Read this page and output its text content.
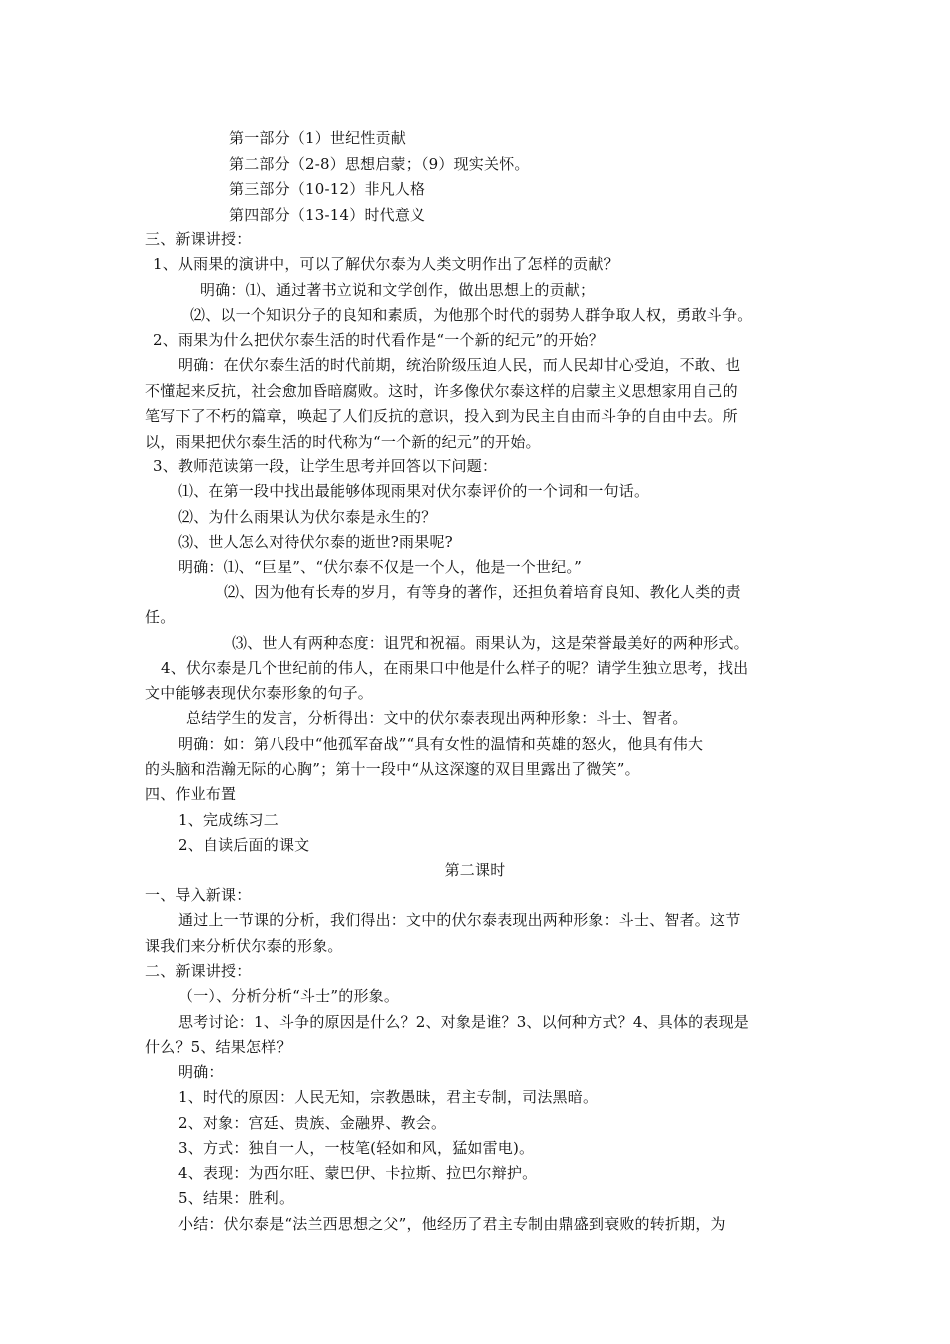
第一部分（1）世纪性贡献
第二部分（2-8）思想启蒙；（9）现实关怀。
第三部分（10-12）非凡人格
第四部分（13-14）时代意义
三、新课讲授：
1、从雨果的演讲中，可以了解伏尔泰为人类文明作出了怎样的贡献？
明确：⑴、通过著书立说和文学创作，做出思想上的贡献；
⑵、以一个知识分子的良知和素质，为他那个时代的弱势人群争取人权，勇敢斗争。
2、雨果为什么把伏尔泰生活的时代看作是“一个新的纪元”的开始？
明确：在伏尔泰生活的时代前期，统治阶级压迫人民，而人民却甘心受迫，不敢、也
不懂起来反抗，社会愈加昏暗腐败。这时，许多像伏尔泰这样的启蒙主义思想家用自己的
笔写下了不朽的篇章，唤起了人们反抗的意识，投入到为民主自由而斗争的自由中去。所
以，雨果把伏尔泰生活的时代称为“一个新的纪元”的开始。
3、教师范读第一段，让学生思考并回答以下问题：
⑴、在第一段中找出最能够体现雨果对伏尔泰评价的一个词和一句话。
⑵、为什么雨果认为伏尔泰是永生的？
⑶、世人怎么对待伏尔泰的逝世?雨果呢?
明确：⑴、“巨星”、“伏尔泰不仅是一个人，他是一个世纪。”
⑵、因为他有长寿的岁月，有等身的著作，还担负着培育良知、教化人类的责
任。
⑶、世人有两种态度：诅咒和祝福。雨果认为，这是荣誉最美好的两种形式。
4、伏尔泰是几个世纪前的伟人，在雨果口中他是什么样子的呢？请学生独立思考，找出
文中能够表现伏尔泰形象的句子。
总结学生的发言，分析得出：文中的伏尔泰表现出两种形象：斗士、智者。
明确：如：第八段中“他孤军奋战”“具有女性的温情和英雄的怒火，他具有伟大
的头脑和浩瀚无际的心胸”；第十一段中“从这深邃的双目里露出了微笑”。
四、作业布置
1、完成练习二
2、自读后面的课文
第二课时
一、导入新课：
通过上一节课的分析，我们得出：文中的伏尔泰表现出两种形象：斗士、智者。这节
课我们来分析伏尔泰的形象。
二、新课讲授：
（一）、分析分析“斗士”的形象。
思考讨论：1、斗争的原因是什么？2、对象是谁？3、以何种方式？4、具体的表现是
什么？5、结果怎样？
明确：
1、时代的原因：人民无知，宗教愚昧，君主专制，司法黑暗。
2、对象：宫廷、贵族、金融界、教会。
3、方式：独自一人，一枝笔(轻如和风，猛如雷电)。
4、表现：为西尔旺、蒙巴伊、卡拉斯、拉巴尔辩护。
5、结果：胜利。
小结：伏尔泰是“法兰西思想之父”，他经历了君主专制由鼎盛到衰败的转折期，为
